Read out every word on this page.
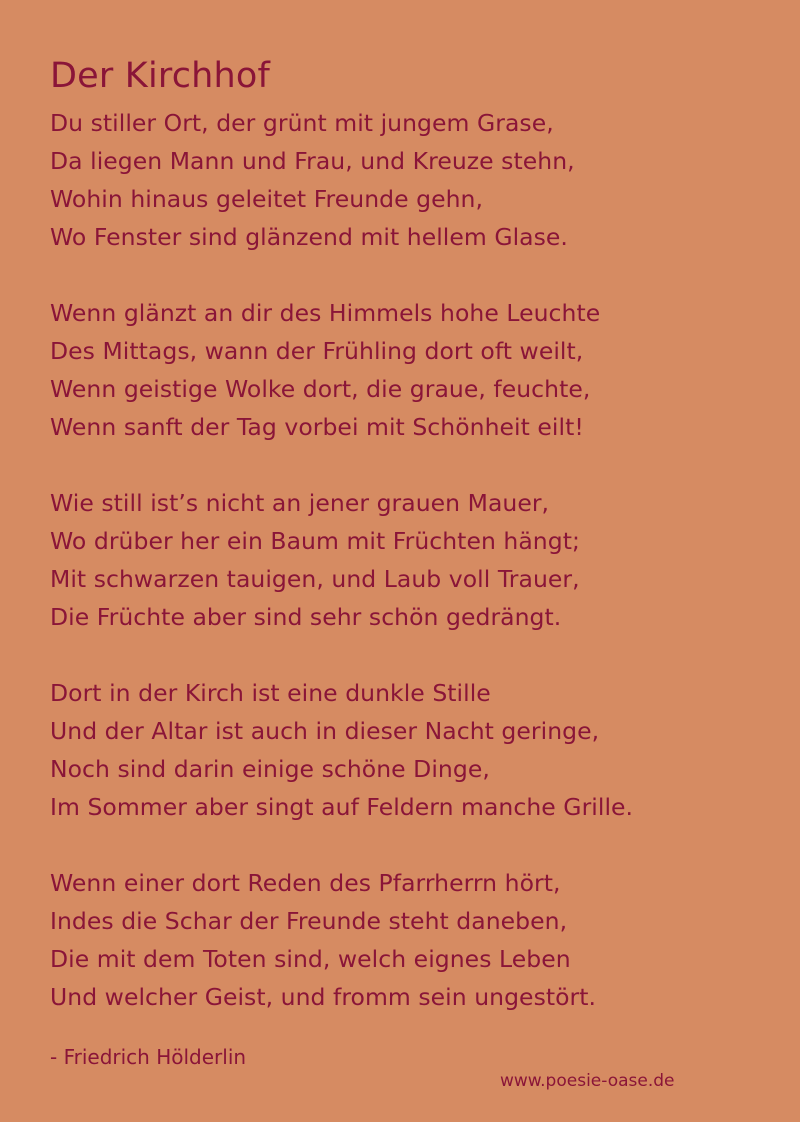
Der Kirchhof
Du stiller Ort, der grünt mit jungem Grase,
Da liegen Mann und Frau, und Kreuze stehn,
Wohin hinaus geleitet Freunde gehn,
Wo Fenster sind glänzend mit hellem Glase.
Wenn glänzt an dir des Himmels hohe Leuchte
Des Mittags, wann der Frühling dort oft weilt,
Wenn geistige Wolke dort, die graue, feuchte,
Wenn sanft der Tag vorbei mit Schönheit eilt!
Wie still ist’s nicht an jener grauen Mauer,
Wo drüber her ein Baum mit Früchten hängt;
Mit schwarzen tauigen, und Laub voll Trauer,
Die Früchte aber sind sehr schön gedrängt.
Dort in der Kirch ist eine dunkle Stille
Und der Altar ist auch in dieser Nacht geringe,
Noch sind darin einige schöne Dinge,
Im Sommer aber singt auf Feldern manche Grille.
Wenn einer dort Reden des Pfarrherrn hört,
Indes die Schar der Freunde steht daneben,
Die mit dem Toten sind, welch eignes Leben
Und welcher Geist, und fromm sein ungestört.
- Friedrich Hölderlin
www.poesie-oase.de
